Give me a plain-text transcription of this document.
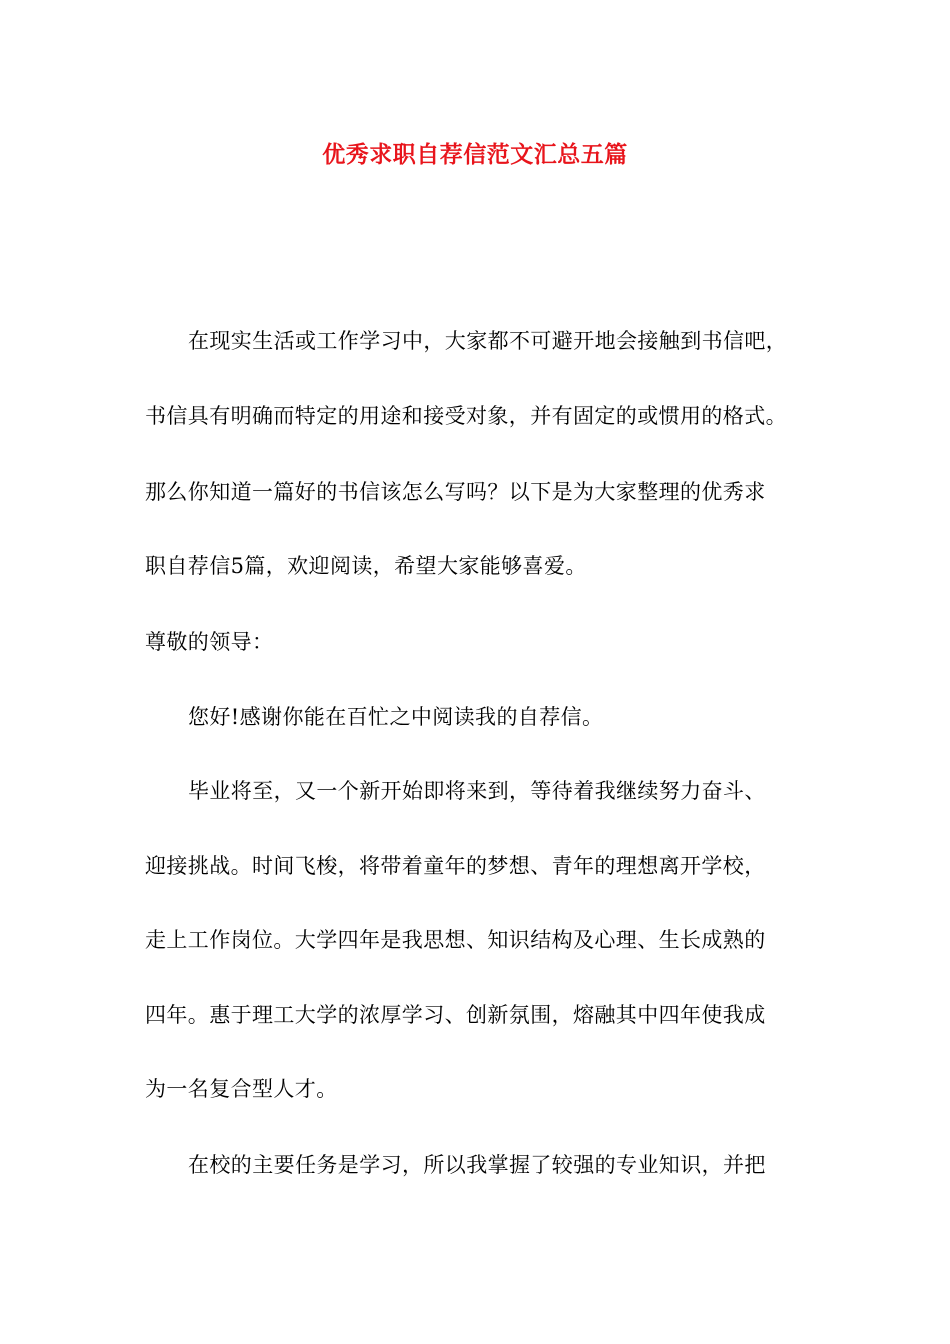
优秀求职自荐信范文汇总五篇
在现实生活或工作学习中，大家都不可避开地会接触到书信吧，
书信具有明确而特定的用途和接受对象，并有固定的或惯用的格式。
那么你知道一篇好的书信该怎么写吗？以下是为大家整理的优秀求
职自荐信5篇，欢迎阅读，希望大家能够喜爱。
尊敬的领导：
您好!感谢你能在百忙之中阅读我的自荐信。
毕业将至，又一个新开始即将来到，等待着我继续努力奋斗、
迎接挑战。时间飞梭，将带着童年的梦想、青年的理想离开学校，
走上工作岗位。大学四年是我思想、知识结构及心理、生长成熟的
四年。惠于理工大学的浓厚学习、创新氛围，熔融其中四年使我成
为一名复合型人才。
在校的主要任务是学习，所以我掌握了较强的专业知识，并把
